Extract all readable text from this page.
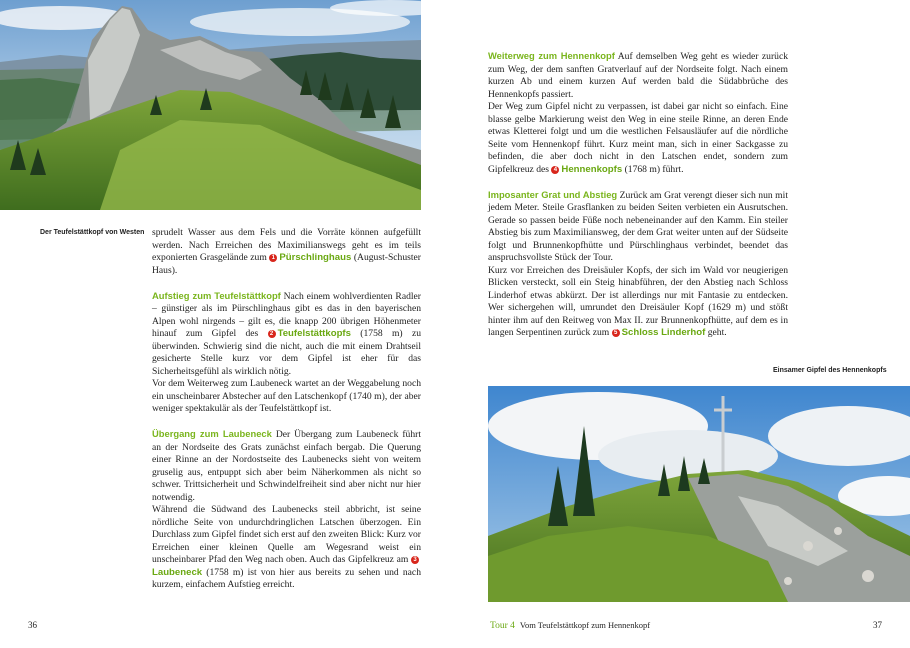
Der Teufelstättkopf von Westen sprudelt Wasser aus dem Fels und die Vorräte können aufgefüllt werden. Nach Erreichen des Maximilianswegs geht es im teils exponierten Grasgelände zum 1 Pürschlinghaus (August-Schuster Haus).

Aufstieg zum Teufelstättkopf Nach einem wohlverdienten Radler – günstiger als im Pürschlinghaus gibt es das in den bayerischen Alpen wohl nirgends – gilt es, die knapp 200 übrigen Höhenmeter hinauf zum Gipfel des 2 Teufelstättkopfs (1758 m) zu überwinden. Schwierig sind die nicht, auch die mit einem Drahtseil gesicherte Stelle kurz vor dem Gipfel ist eher für das Sicherheitsgefühl als wirklich nötig.

Vor dem Weiterweg zum Laubeneck wartet an der Weggabelung noch ein unscheinbarer Abstecher auf den Latschenkopf (1740 m), der aber weniger spektakulär als der Teufelstättkopf ist.

Übergang zum Laubeneck Der Übergang zum Laubeneck führt an der Nordseite des Grats zunächst einfach bergab. Die Querung einer Rinne an der Nordostseite des Laubenecks sieht von weitem gruselig aus, entpuppt sich aber beim Näherkommen als nicht so schwer. Trittsicherheit und Schwindelfreiheit sind aber nicht nur hier notwendig.

Während die Südwand des Laubenecks steil abbricht, ist seine nördliche Seite von undurchdringlichen Latschen überzogen. Ein Durchlass zum Gipfel findet sich erst auf den zweiten Blick: Kurz vor Erreichen einer kleinen Quelle am Wegesrand weist ein unscheinbarer Pfad den Weg nach oben. Auch das Gipfelkreuz am 3Laubeneck (1758 m) ist von hier aus bereits zu sehen und nach kurzem, einfachem Aufstieg erreicht.

36

Weiterweg zum Hennenkopf Auf demselben Weg geht es wieder zurück zum Weg, der dem sanften Gratverlauf auf der Nordseite folgt. Nach einem kurzen Ab und einem kurzen Auf werden bald die Südabbrüche des Hennenkopfs passiert.

Der Weg zum Gipfel nicht zu verpassen, ist dabei gar nicht so einfach. Eine blasse gelbe Markierung weist den Weg in eine steile Rinne, an deren Ende etwas Kletterei folgt und um die westlichen Felsausläufer auf die nördliche Seite vom Hennenkopf führt. Kurz meint man, sich in einer Sackgasse zu befinden, die aber doch nicht in den Latschen endet, sondern zum Gipfelkreuz des 4 Hennenkopfs (1768 m) führt.

Imposanter Grat und Abstieg Zurück am Grat verengt dieser sich nun mit jedem Meter. Steile Grasflanken zu beiden Seiten verbieten ein Ausrutschen. Gerade so passen beide Füße noch nebeneinander auf den Kamm. Ein steiler Abstieg bis zum Maximiliansweg, der dem Grat weiter unten auf der Südseite folgt und Brunnenkopfhütte und Pürschlinghaus verbindet, beendet das anspruchsvollste Stück der Tour.

Kurz vor Erreichen des Dreisäuler Kopfs, der sich im Wald vor neugierigen Blicken versteckt, soll ein Steig hinabführen, der den Abstieg nach Schloss Linderhof etwas abkürzt. Der ist allerdings nur mit Fantasie zu entdecken. Wer sichergehen will, umrundet den Dreisäuler Kopf (1629 m) und stößt hinter ihm auf den Reitweg von Max II. zur Brunnenkopfhütte, auf dem es in langen Serpentinen zurück zum 5 Schloss Linderhof geht.

Einsamer Gipfel des Hennenkopfs
Tour 4 Vom Teufelstättkopf zum Hennenkopf	37
